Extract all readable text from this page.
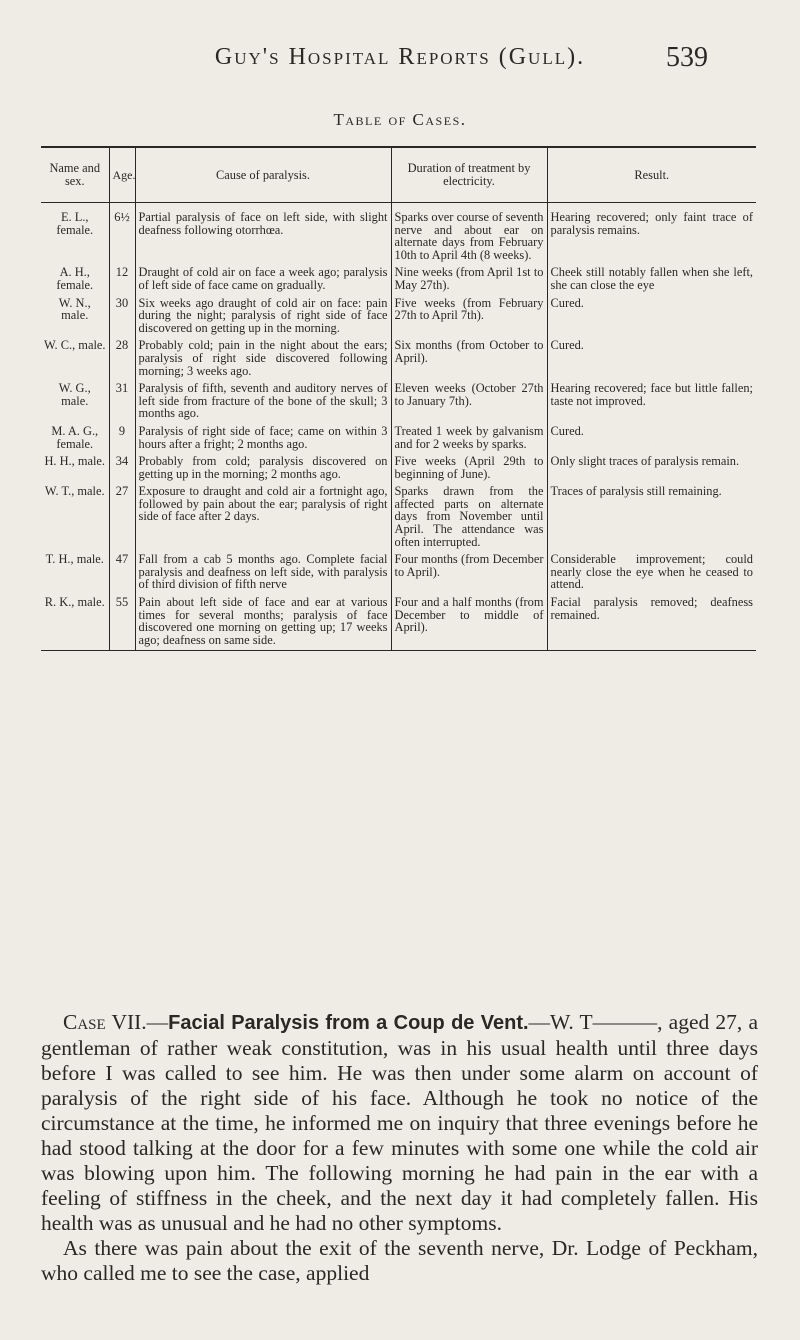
Guy's Hospital Reports (Gull).	539
Table of Cases.
Name and sex.	Age.	Cause of paralysis.	Duration of treatment by electricity.	Result.
E. L., female.	6½	Partial paralysis of face on left side, with slight deafness following otorrhœa.	Sparks over course of seventh nerve and about ear on alternate days from February 10th to April 4th (8 weeks).	Hearing recovered; only faint trace of paralysis remains.
A. H., female.	12	Draught of cold air on face a week ago; paralysis of left side of face came on gradually.	Nine weeks (from April 1st to May 27th).	Cheek still notably fallen when she left, she can close the eye
W. N., male.	30	Six weeks ago draught of cold air on face: pain during the night; paralysis of right side of face discovered on getting up in the morning.	Five weeks (from February 27th to April 7th).	Cured.
W. C., male.	28	Probably cold; pain in the night about the ears; paralysis of right side discovered following morning; 3 weeks ago.	Six months (from October to April).	Cured.
W. G., male.	31	Paralysis of fifth, seventh and auditory nerves of left side from fracture of the bone of the skull; 3 months ago.	Eleven weeks (October 27th to January 7th).	Hearing recovered; face but little fallen; taste not improved.
M. A. G., female.	9	Paralysis of right side of face; came on within 3 hours after a fright; 2 months ago.	Treated 1 week by galvanism and for 2 weeks by sparks.	Cured.
H. H., male.	34	Probably from cold; paralysis discovered on getting up in the morning; 2 months ago.	Five weeks (April 29th to beginning of June).	Only slight traces of paralysis remain.
W. T., male.	27	Exposure to draught and cold air a fortnight ago, followed by pain about the ear; paralysis of right side of face after 2 days.	Sparks drawn from the affected parts on alternate days from November until April. The attendance was often interrupted.	Traces of paralysis still remaining.
T. H., male.	47	Fall from a cab 5 months ago. Complete facial paralysis and deafness on left side, with paralysis of third division of fifth nerve	Four months (from December to April).	Considerable improvement; could nearly close the eye when he ceased to attend.
R. K., male.	55	Pain about left side of face and ear at various times for several months; paralysis of face discovered one morning on getting up; 17 weeks ago; deafness on same side.	Four and a half months (from December to middle of April).	Facial paralysis removed; deafness remained.

Case VII.—Facial Paralysis from a Coup de Vent.—W. T———, aged 27, a gentleman of rather weak constitution, was in his usual health until three days before I was called to see him. He was then under some alarm on account of paralysis of the right side of his face. Although he took no notice of the circumstance at the time, he informed me on inquiry that three evenings before he had stood talking at the door for a few minutes with some one while the cold air was blowing upon him. The following morning he had pain in the ear with a feeling of stiffness in the cheek, and the next day it had completely fallen. His health was as unusual and he had no other symptoms.

As there was pain about the exit of the seventh nerve, Dr. Lodge of Peckham, who called me to see the case, applied
